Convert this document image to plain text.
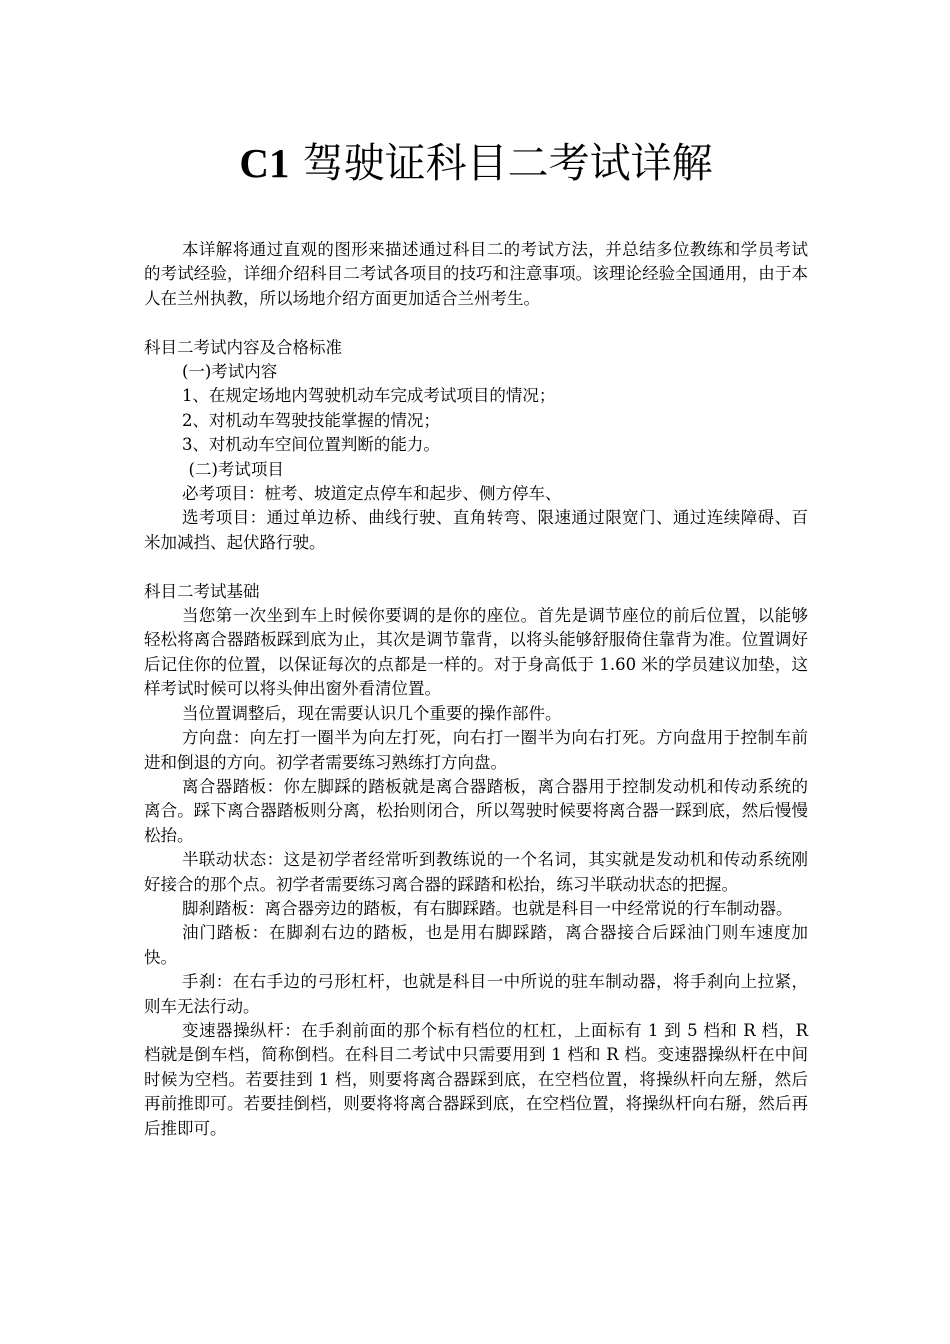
C1 驾驶证科目二考试详解

本详解将通过直观的图形来描述通过科目二的考试方法，并总结多位教练和学员考试的考试经验，详细介绍科目二考试各项目的技巧和注意事项。该理论经验全国通用，由于本人在兰州执教，所以场地介绍方面更加适合兰州考生。

科目二考试内容及合格标准

(一)考试内容

1、在规定场地内驾驶机动车完成考试项目的情况；

2、对机动车驾驶技能掌握的情况；

3、对机动车空间位置判断的能力。

(二)考试项目

必考项目：桩考、坡道定点停车和起步、侧方停车、

选考项目：通过单边桥、曲线行驶、直角转弯、限速通过限宽门、通过连续障碍、百米加减挡、起伏路行驶。

科目二考试基础

当您第一次坐到车上时候你要调的是你的座位。首先是调节座位的前后位置，以能够轻松将离合器踏板踩到底为止，其次是调节靠背，以将头能够舒服倚住靠背为准。位置调好后记住你的位置，以保证每次的点都是一样的。对于身高低于 1.60 米的学员建议加垫，这样考试时候可以将头伸出窗外看清位置。

当位置调整后，现在需要认识几个重要的操作部件。

方向盘：向左打一圈半为向左打死，向右打一圈半为向右打死。方向盘用于控制车前进和倒退的方向。初学者需要练习熟练打方向盘。

离合器踏板：你左脚踩的踏板就是离合器踏板，离合器用于控制发动机和传动系统的离合。踩下离合器踏板则分离，松抬则闭合，所以驾驶时候要将离合器一踩到底，然后慢慢松抬。

半联动状态：这是初学者经常听到教练说的一个名词，其实就是发动机和传动系统刚好接合的那个点。初学者需要练习离合器的踩踏和松抬，练习半联动状态的把握。

脚刹踏板：离合器旁边的踏板，有右脚踩踏。也就是科目一中经常说的行车制动器。

油门踏板：在脚刹右边的踏板，也是用右脚踩踏，离合器接合后踩油门则车速度加快。

手刹：在右手边的弓形杠杆，也就是科目一中所说的驻车制动器，将手刹向上拉紧，则车无法行动。

变速器操纵杆：在手刹前面的那个标有档位的杠杠，上面标有 1 到 5 档和 R 档，R 档就是倒车档，简称倒档。在科目二考试中只需要用到 1 档和 R 档。变速器操纵杆在中间时候为空档。若要挂到 1 档，则要将离合器踩到底，在空档位置，将操纵杆向左掰，然后再前推即可。若要挂倒档，则要将将离合器踩到底，在空档位置，将操纵杆向右掰，然后再后推即可。
